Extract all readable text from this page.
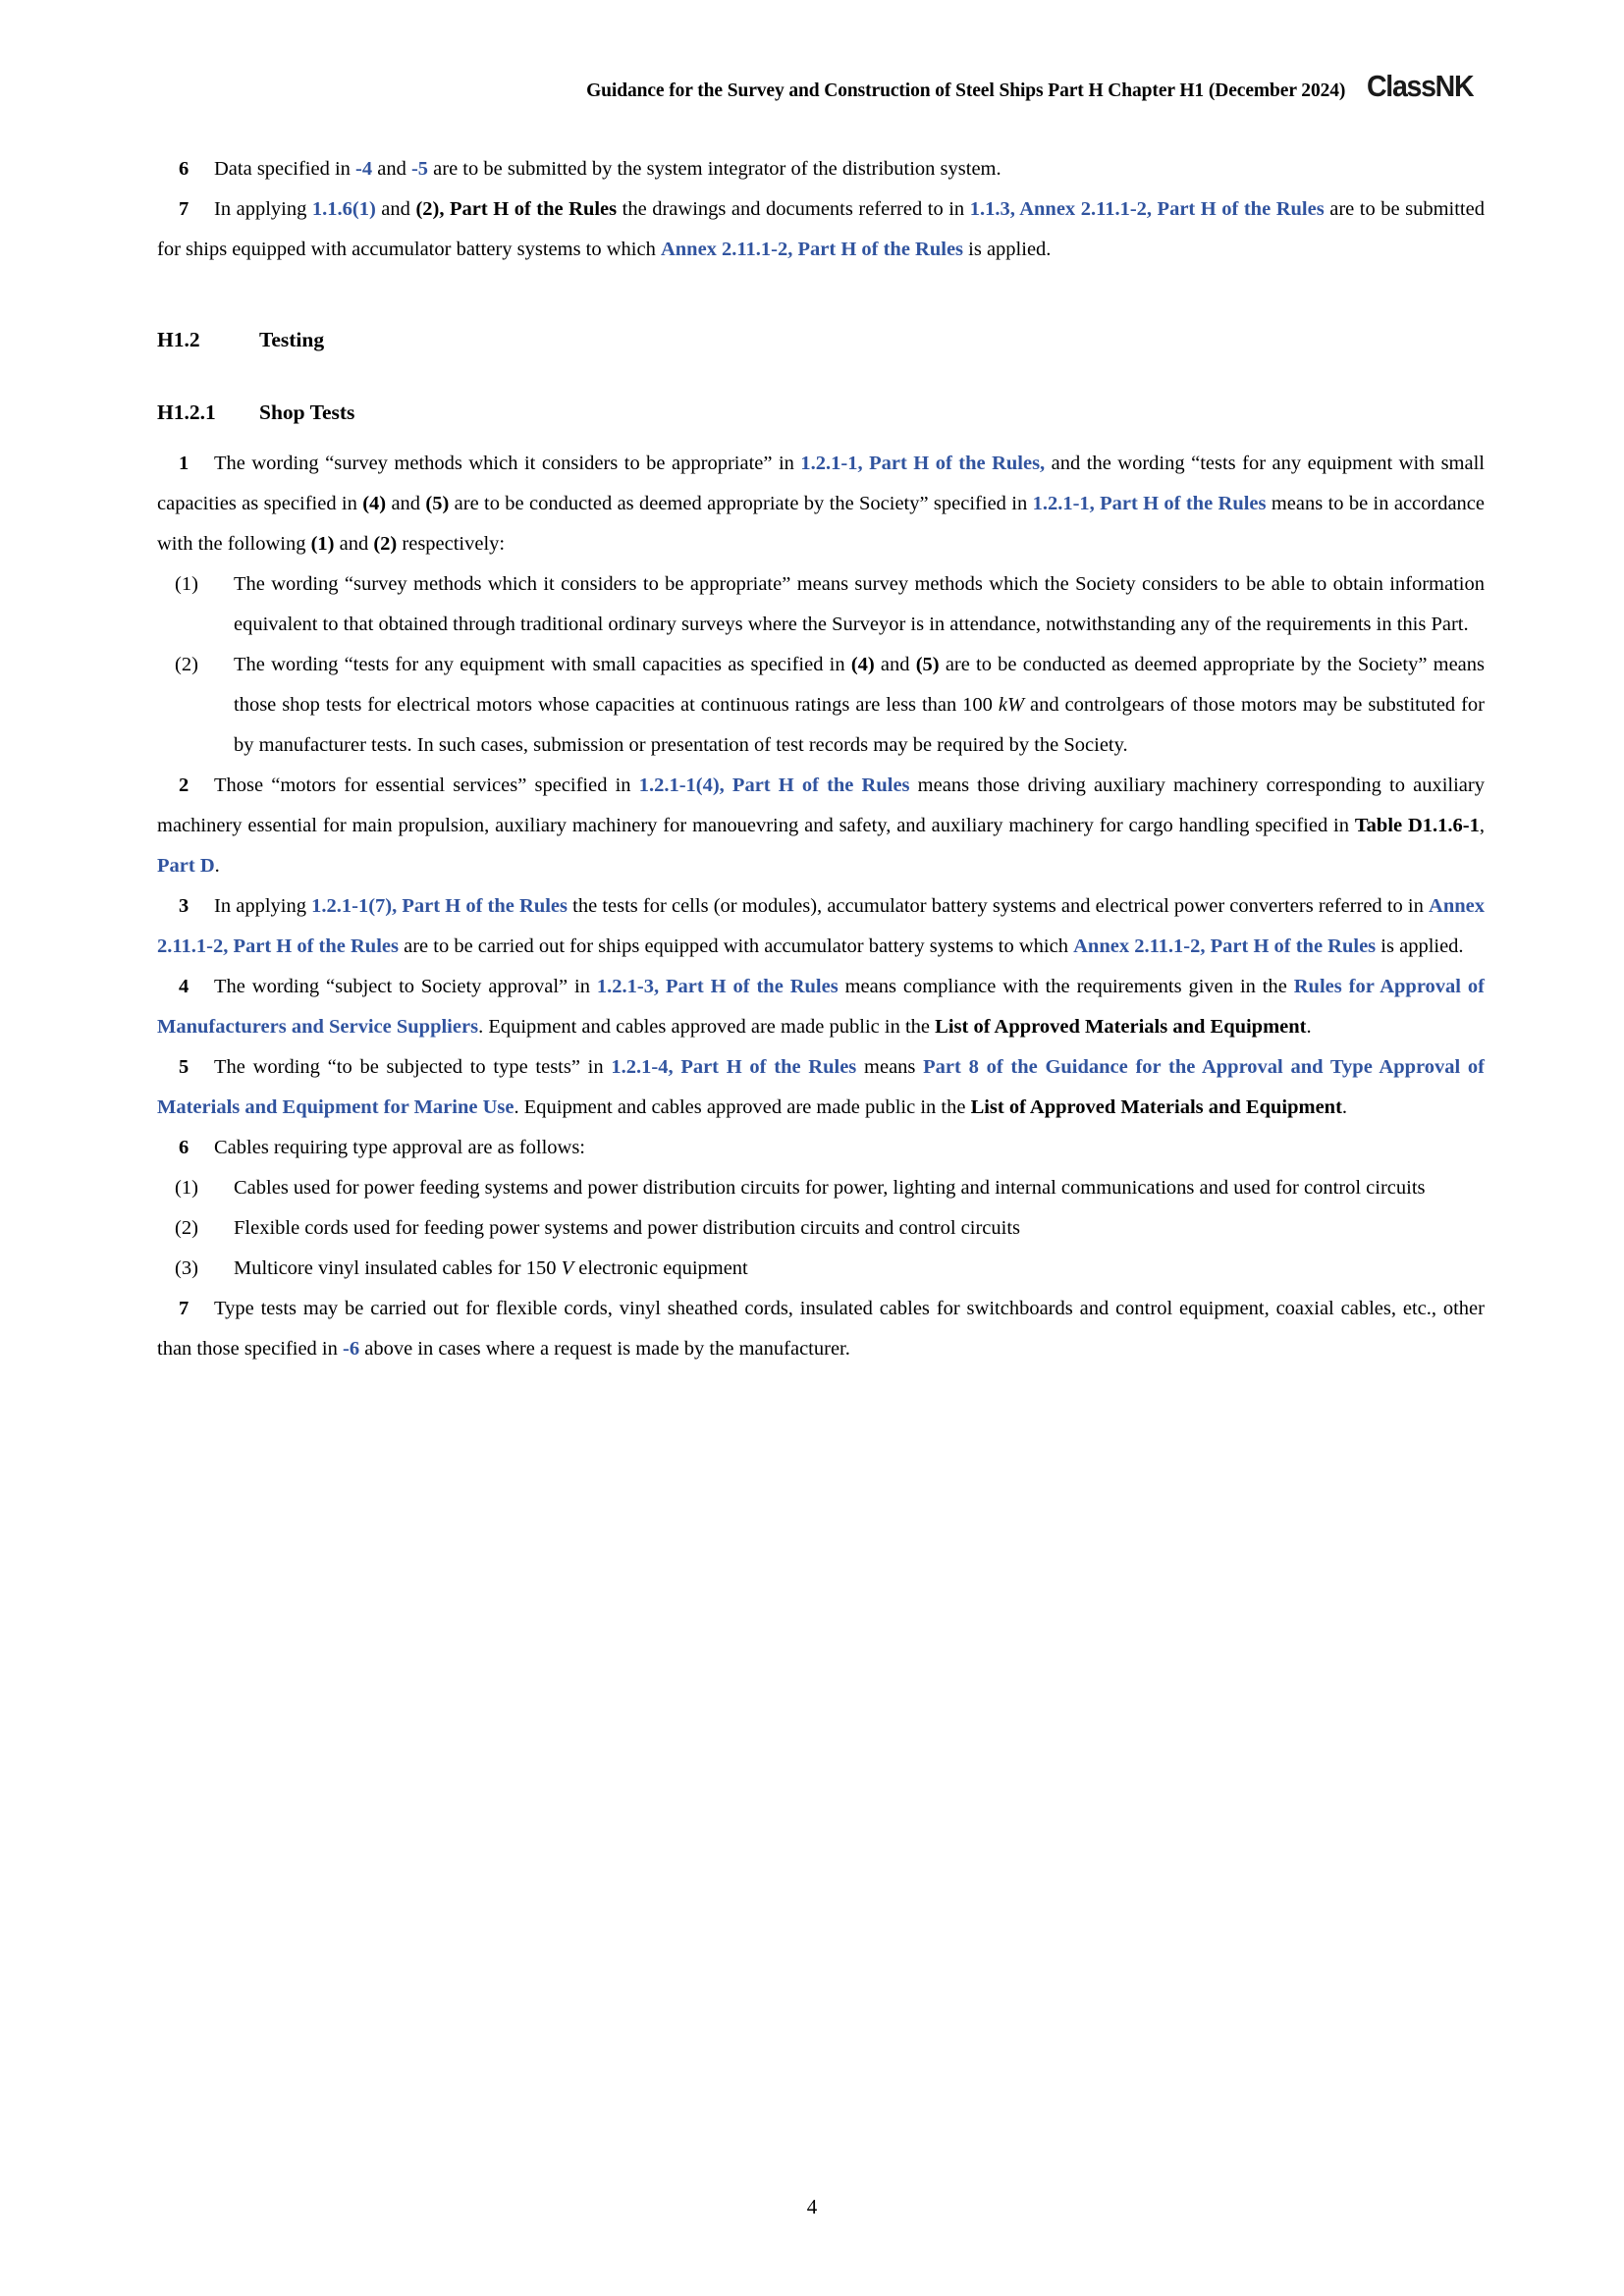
Guidance for the Survey and Construction of Steel Ships Part H Chapter H1 (December 2024) ClassNK

6 Data specified in -4 and -5 are to be submitted by the system integrator of the distribution system.

7 In applying 1.1.6(1) and (2), Part H of the Rules the drawings and documents referred to in 1.1.3, Annex 2.11.1-2, Part H of the Rules are to be submitted for ships equipped with accumulator battery systems to which Annex 2.11.1-2, Part H of the Rules is applied.

H1.2	Testing
H1.2.1	Shop Tests

1 The wording “survey methods which it considers to be appropriate” in 1.2.1-1, Part H of the Rules, and the wording “tests for any equipment with small capacities as specified in (4) and (5) are to be conducted as deemed appropriate by the Society” specified in 1.2.1-1, Part H of the Rules means to be in accordance with the following (1) and (2) respectively:

(1)	The wording “survey methods which it considers to be appropriate” means survey methods which the Society considers to be able to obtain information equivalent to that obtained through traditional ordinary surveys where the Surveyor is in attendance, notwithstanding any of the requirements in this Part.

(2)	The wording “tests for any equipment with small capacities as specified in (4) and (5) are to be conducted as deemed appropriate by the Society” means those shop tests for electrical motors whose capacities at continuous ratings are less than 100 kW and controlgears of those motors may be substituted for by manufacturer tests. In such cases, submission or presentation of test records may be required by the Society.

2 Those “motors for essential services” specified in 1.2.1-1(4), Part H of the Rules means those driving auxiliary machinery corresponding to auxiliary machinery essential for main propulsion, auxiliary machinery for manouevring and safety, and auxiliary machinery for cargo handling specified in Table D1.1.6-1, Part D.

3 In applying 1.2.1-1(7), Part H of the Rules the tests for cells (or modules), accumulator battery systems and electrical power converters referred to in Annex 2.11.1-2, Part H of the Rules are to be carried out for ships equipped with accumulator battery systems to which Annex 2.11.1-2, Part H of the Rules is applied.

4 The wording “subject to Society approval” in 1.2.1-3, Part H of the Rules means compliance with the requirements given in the Rules for Approval of Manufacturers and Service Suppliers. Equipment and cables approved are made public in the List of Approved Materials and Equipment.

5 The wording “to be subjected to type tests” in 1.2.1-4, Part H of the Rules means Part 8 of the Guidance for the Approval and Type Approval of Materials and Equipment for Marine Use. Equipment and cables approved are made public in the List of Approved Materials and Equipment.

6 Cables requiring type approval are as follows:

(1)	Cables used for power feeding systems and power distribution circuits for power, lighting and internal communications and used for control circuits

(2)	Flexible cords used for feeding power systems and power distribution circuits and control circuits

(3)	Multicore vinyl insulated cables for 150 V electronic equipment

7 Type tests may be carried out for flexible cords, vinyl sheathed cords, insulated cables for switchboards and control equipment, coaxial cables, etc., other than those specified in -6 above in cases where a request is made by the manufacturer.

4
